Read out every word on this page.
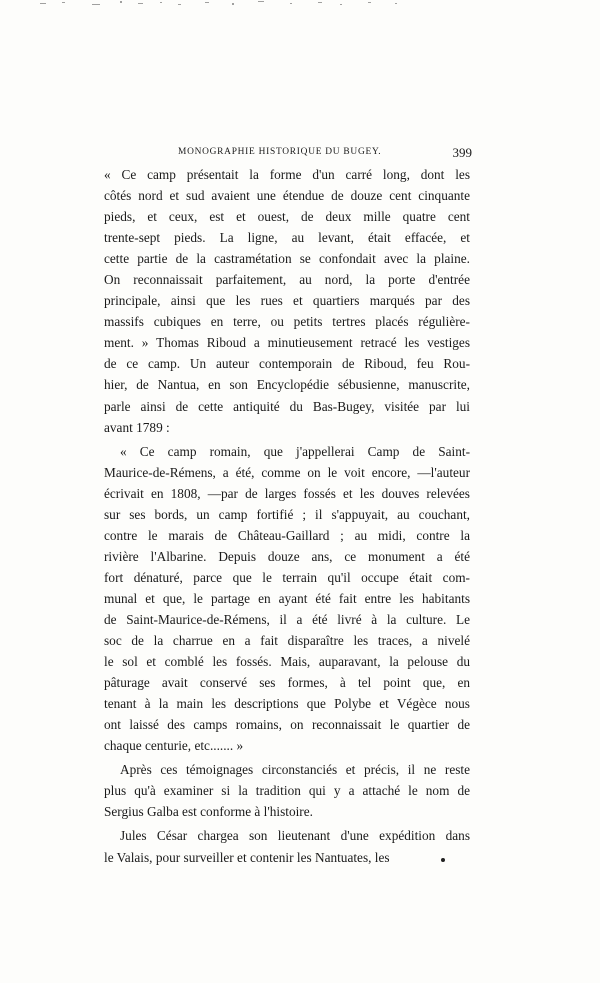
MONOGRAPHIE HISTORIQUE DU BUGEY.	399
« Ce camp présentait la forme d'un carré long, dont les
côtés nord et sud avaient une étendue de douze cent cinquante
pieds, et ceux, est et ouest, de deux mille quatre cent
trente-sept pieds. La ligne, au levant, était effacée, et
cette partie de la castramétation se confondait avec la plaine.
On reconnaissait parfaitement, au nord, la porte d'entrée
principale, ainsi que les rues et quartiers marqués par des
massifs cubiques en terre, ou petits tertres placés régulière-
ment. » Thomas Riboud a minutieusement retracé les vestiges
de ce camp. Un auteur contemporain de Riboud, feu Rou-
hier, de Nantua, en son Encyclopédie sébusienne, manuscrite,
parle ainsi de cette antiquité du Bas-Bugey, visitée par lui
avant 1789 :
« Ce camp romain, que j'appellerai Camp de Saint-
Maurice-de-Rémens, a été, comme on le voit encore, —l'auteur
écrivait en 1808, —par de larges fossés et les douves relevées
sur ses bords, un camp fortifié ; il s'appuyait, au couchant,
contre le marais de Château-Gaillard ; au midi, contre la
rivière l'Albarine. Depuis douze ans, ce monument a été
fort dénaturé, parce que le terrain qu'il occupe était com-
munal et que, le partage en ayant été fait entre les habitants
de Saint-Maurice-de-Rémens, il a été livré à la culture. Le
soc de la charrue en a fait disparaître les traces, a nivelé
le sol et comblé les fossés. Mais, auparavant, la pelouse du
pâturage avait conservé ses formes, à tel point que, en
tenant à la main les descriptions que Polybe et Végèce nous
ont laissé des camps romains, on reconnaissait le quartier de
chaque centurie, etc....... »
Après ces témoignages circonstanciés et précis, il ne reste
plus qu'à examiner si la tradition qui y a attaché le nom de
Sergius Galba est conforme à l'histoire.
Jules César chargea son lieutenant d'une expédition dans
le Valais, pour surveiller et contenir les Nantuates, les
